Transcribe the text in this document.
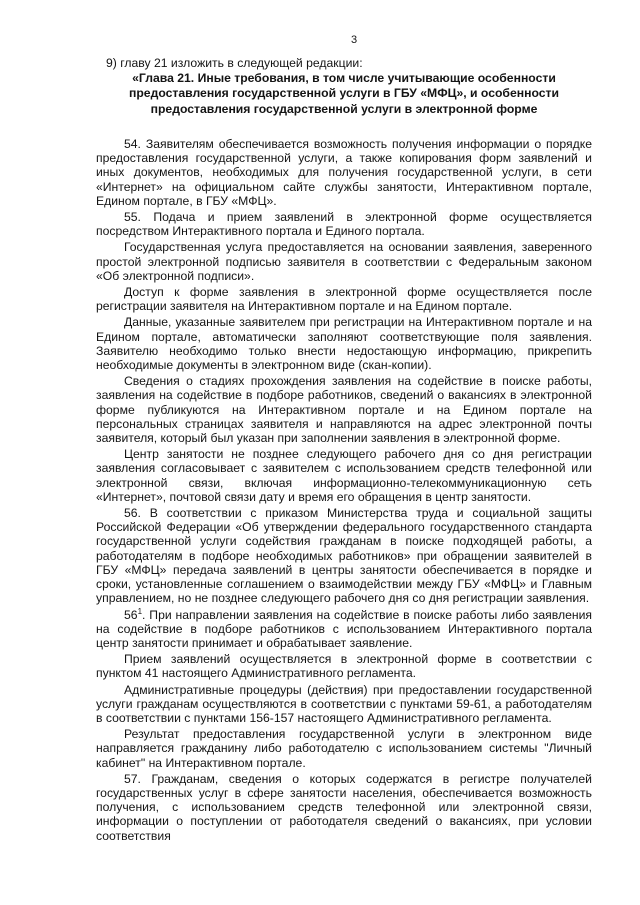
3

9) главу 21 изложить в следующей редакции:

«Глава 21. Иные требования, в том числе учитывающие особенности предоставления государственной услуги в ГБУ «МФЦ», и особенности предоставления государственной услуги в электронной форме

54. Заявителям обеспечивается возможность получения информации о порядке предоставления государственной услуги, а также копирования форм заявлений и иных документов, необходимых для получения государственной услуги, в сети «Интернет» на официальном сайте службы занятости, Интерактивном портале, Едином портале, в ГБУ «МФЦ».

55. Подача и прием заявлений в электронной форме осуществляется посредством Интерактивного портала и Единого портала.

Государственная услуга предоставляется на основании заявления, заверенного простой электронной подписью заявителя в соответствии с Федеральным законом «Об электронной подписи».

Доступ к форме заявления в электронной форме осуществляется после регистрации заявителя на Интерактивном портале и на Едином портале.

Данные, указанные заявителем при регистрации на Интерактивном портале и на Едином портале, автоматически заполняют соответствующие поля заявления. Заявителю необходимо только внести недостающую информацию, прикрепить необходимые документы в электронном виде (скан-копии).

Сведения о стадиях прохождения заявления на содействие в поиске работы, заявления на содействие в подборе работников, сведений о вакансиях в электронной форме публикуются на Интерактивном портале и на Едином портале на персональных страницах заявителя и направляются на адрес электронной почты заявителя, который был указан при заполнении заявления в электронной форме.

Центр занятости не позднее следующего рабочего дня со дня регистрации заявления согласовывает с заявителем с использованием средств телефонной или электронной связи, включая информационно-телекоммуникационную сеть «Интернет», почтовой связи дату и время его обращения в центр занятости.

56. В соответствии с приказом Министерства труда и социальной защиты Российской Федерации «Об утверждении федерального государственного стандарта государственной услуги содействия гражданам в поиске подходящей работы, а работодателям в подборе необходимых работников» при обращении заявителей в ГБУ «МФЦ» передача заявлений в центры занятости обеспечивается в порядке и сроки, установленные соглашением о взаимодействии между ГБУ «МФЦ» и Главным управлением, но не позднее следующего рабочего дня со дня регистрации заявления.

$56^1$. При направлении заявления на содействие в поиске работы либо заявления на содействие в подборе работников с использованием Интерактивного портала центр занятости принимает и обрабатывает заявление.

Прием заявлений осуществляется в электронной форме в соответствии с пунктом 41 настоящего Административного регламента.

Административные процедуры (действия) при предоставлении государственной услуги гражданам осуществляются в соответствии с пунктами 59-61, а работодателям в соответствии с пунктами 156-157 настоящего Административного регламента.

Результат предоставления государственной услуги в электронном виде направляется гражданину либо работодателю с использованием системы "Личный кабинет" на Интерактивном портале.

57. Гражданам, сведения о которых содержатся в регистре получателей государственных услуг в сфере занятости населения, обеспечивается возможность получения, с использованием средств телефонной или электронной связи, информации о поступлении от работодателя сведений о вакансиях, при условии соответствия
